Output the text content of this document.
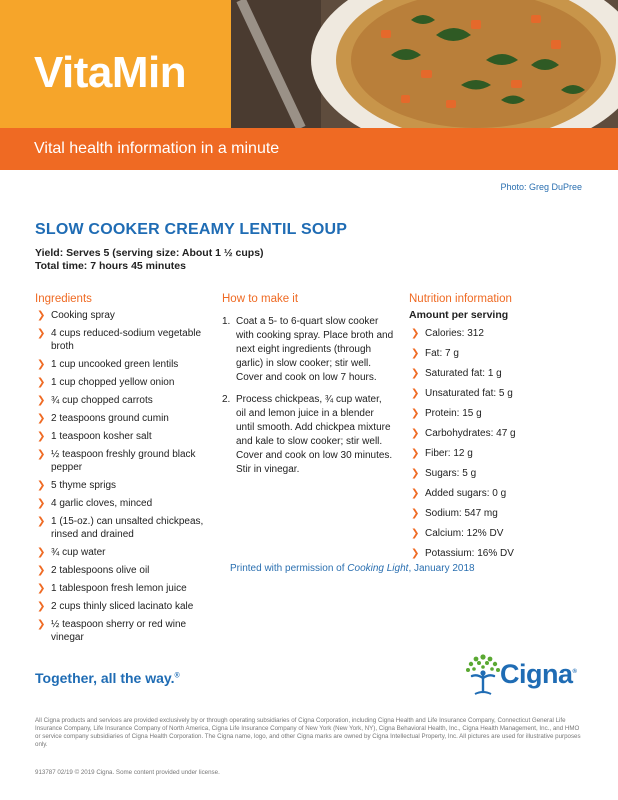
VitaMin
Vital health information in a minute
Photo: Greg DuPree
SLOW COOKER CREAMY LENTIL SOUP
Yield: Serves 5 (serving size: About 1 ½ cups)
Total time: 7 hours 45 minutes
Ingredients
❯ Cooking spray
❯ 4 cups reduced-sodium vegetable broth
❯ 1 cup uncooked green lentils
❯ 1 cup chopped yellow onion
❯ ¾ cup chopped carrots
❯ 2 teaspoons ground cumin
❯ 1 teaspoon kosher salt
❯ ½ teaspoon freshly ground black pepper
❯ 5 thyme sprigs
❯ 4 garlic cloves, minced
❯ 1 (15-oz.) can unsalted chickpeas, rinsed and drained
❯ ¾ cup water
❯ 2 tablespoons olive oil
❯ 1 tablespoon fresh lemon juice
❯ 2 cups thinly sliced lacinato kale
❯ ½ teaspoon sherry or red wine vinegar
How to make it
1. Coat a 5- to 6-quart slow cooker with cooking spray. Place broth and next eight ingredients (through garlic) in slow cooker; stir well. Cover and cook on low 7 hours.
2. Process chickpeas, ¾ cup water, oil and lemon juice in a blender until smooth. Add chickpea mixture and kale to slow cooker; stir well. Cover and cook on low 30 minutes. Stir in vinegar.
Nutrition information
Amount per serving
❯ Calories: 312
❯ Fat: 7 g
❯ Saturated fat: 1 g
❯ Unsaturated fat: 5 g
❯ Protein: 15 g
❯ Carbohydrates: 47 g
❯ Fiber: 12 g
❯ Sugars: 5 g
❯ Added sugars: 0 g
❯ Sodium: 547 mg
❯ Calcium: 12% DV
❯ Potassium: 16% DV
Printed with permission of Cooking Light, January 2018
Together, all the way.®	Cigna®
All Cigna products and services are provided exclusively by or through operating subsidiaries of Cigna Corporation, including Cigna Health and Life Insurance Company, Connecticut General Life Insurance Company, Life Insurance Company of North America, Cigna Life Insurance Company of New York (New York, NY), Cigna Behavioral Health, Inc., Cigna Health Management, Inc., and HMO or service company subsidiaries of Cigna Health Corporation. The Cigna name, logo, and other Cigna marks are owned by Cigna Intellectual Property, Inc. All pictures are used for illustrative purposes only.
913787 02/19 © 2019 Cigna. Some content provided under license.
